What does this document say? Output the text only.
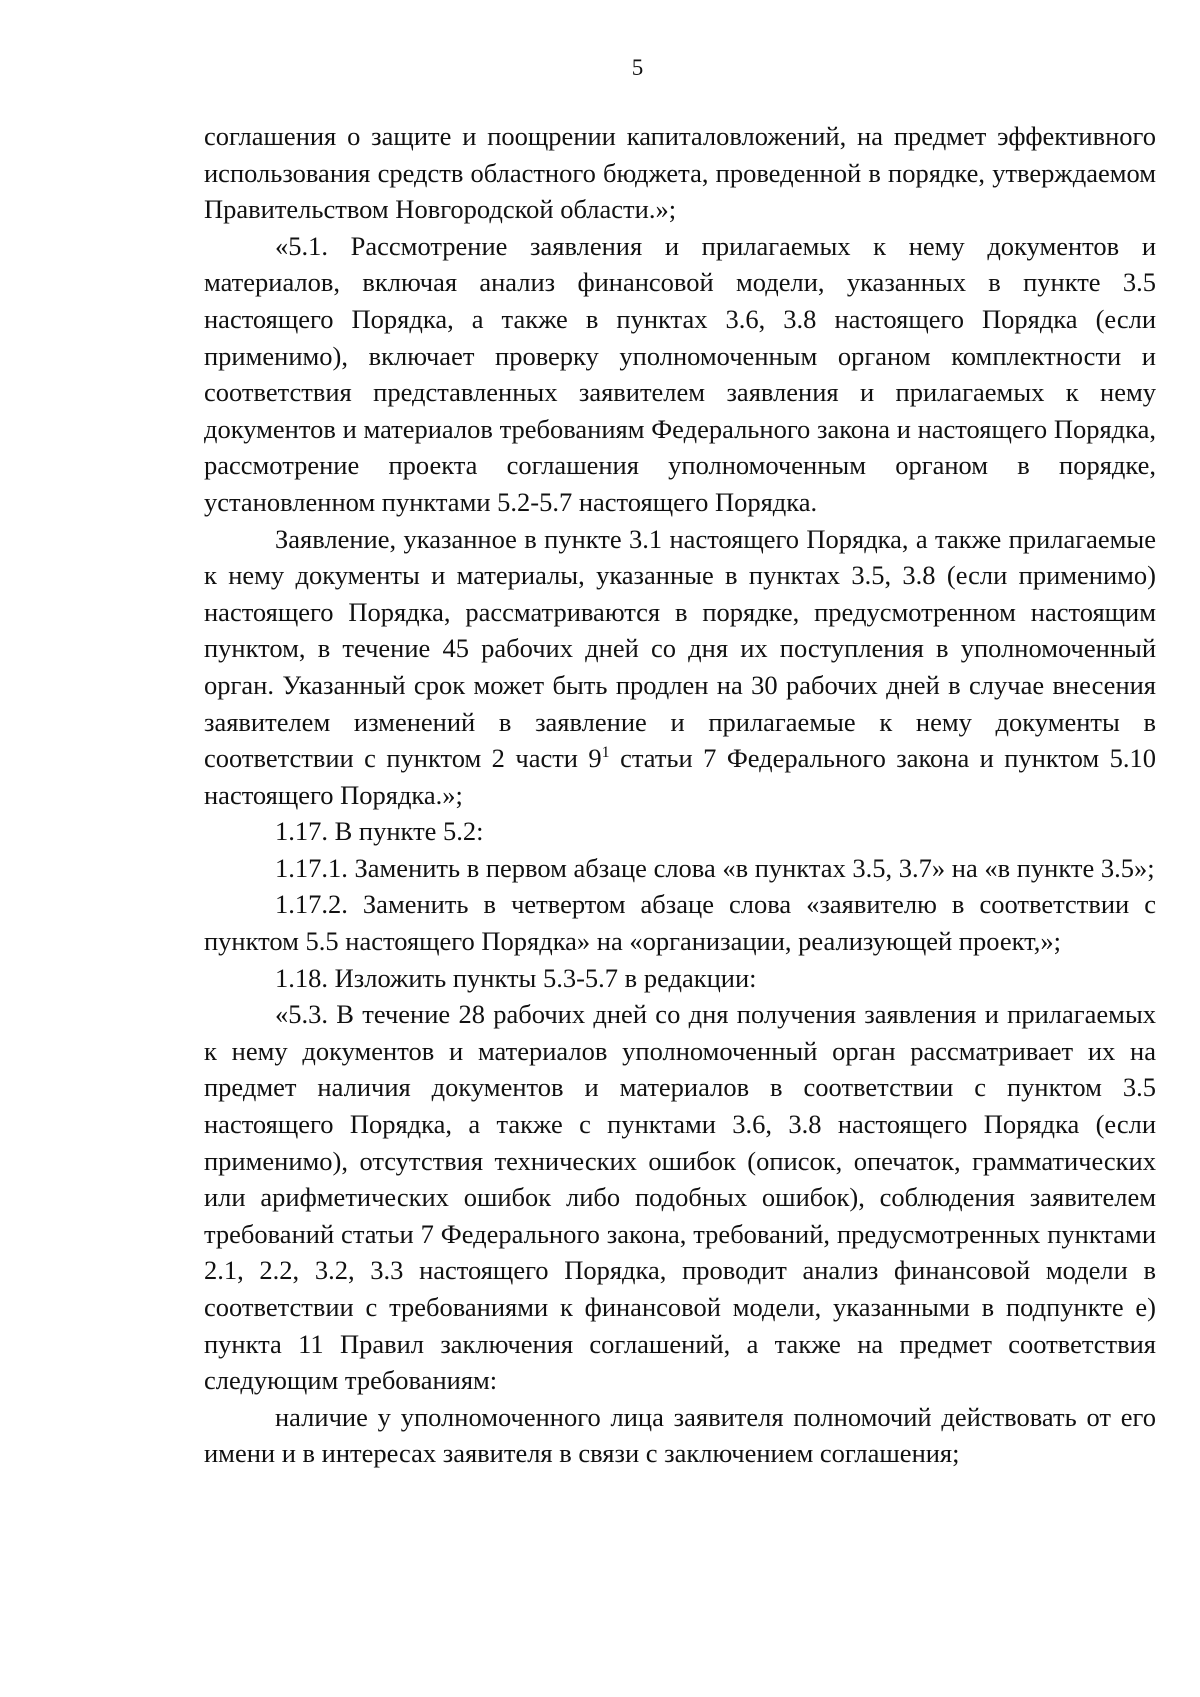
5

соглашения о защите и поощрении капиталовложений, на предмет эффективного использования средств областного бюджета, проведенной в порядке, утверждаемом Правительством Новгородской области.»;

«5.1. Рассмотрение заявления и прилагаемых к нему документов и материалов, включая анализ финансовой модели, указанных в пункте 3.5 настоящего Порядка, а также в пунктах 3.6, 3.8 настоящего Порядка (если применимо), включает проверку уполномоченным органом комплектности и соответствия представленных заявителем заявления и прилагаемых к нему документов и материалов требованиям Федерального закона и настоящего Порядка, рассмотрение проекта соглашения уполномоченным органом в порядке, установленном пунктами 5.2-5.7 настоящего Порядка.

Заявление, указанное в пункте 3.1 настоящего Порядка, а также прилагаемые к нему документы и материалы, указанные в пунктах 3.5, 3.8 (если применимо) настоящего Порядка, рассматриваются в порядке, предусмотренном настоящим пунктом, в течение 45 рабочих дней со дня их поступления в уполномоченный орган. Указанный срок может быть продлен на 30 рабочих дней в случае внесения заявителем изменений в заявление и прилагаемые к нему документы в соответствии с пунктом 2 части $9^1$ статьи 7 Федерального закона и пунктом 5.10 настоящего Порядка.»;

1.17. В пункте 5.2:

1.17.1. Заменить в первом абзаце слова «в пунктах 3.5, 3.7» на «в пункте 3.5»;

1.17.2. Заменить в четвертом абзаце слова «заявителю в соответствии с пунктом 5.5 настоящего Порядка» на «организации, реализующей проект,»;

1.18. Изложить пункты 5.3-5.7 в редакции:

«5.3. В течение 28 рабочих дней со дня получения заявления и прилагаемых к нему документов и материалов уполномоченный орган рассматривает их на предмет наличия документов и материалов в соответствии с пунктом 3.5 настоящего Порядка, а также с пунктами 3.6, 3.8 настоящего Порядка (если применимо), отсутствия технических ошибок (описок, опечаток, грамматических или арифметических ошибок либо подобных ошибок), соблюдения заявителем требований статьи 7 Федерального закона, требований, предусмотренных пунктами 2.1, 2.2, 3.2, 3.3 настоящего Порядка, проводит анализ финансовой модели в соответствии с требованиями к финансовой модели, указанными в подпункте е) пункта 11 Правил заключения соглашений, а также на предмет соответствия следующим требованиям:

наличие у уполномоченного лица заявителя полномочий действовать от его имени и в интересах заявителя в связи с заключением соглашения;
